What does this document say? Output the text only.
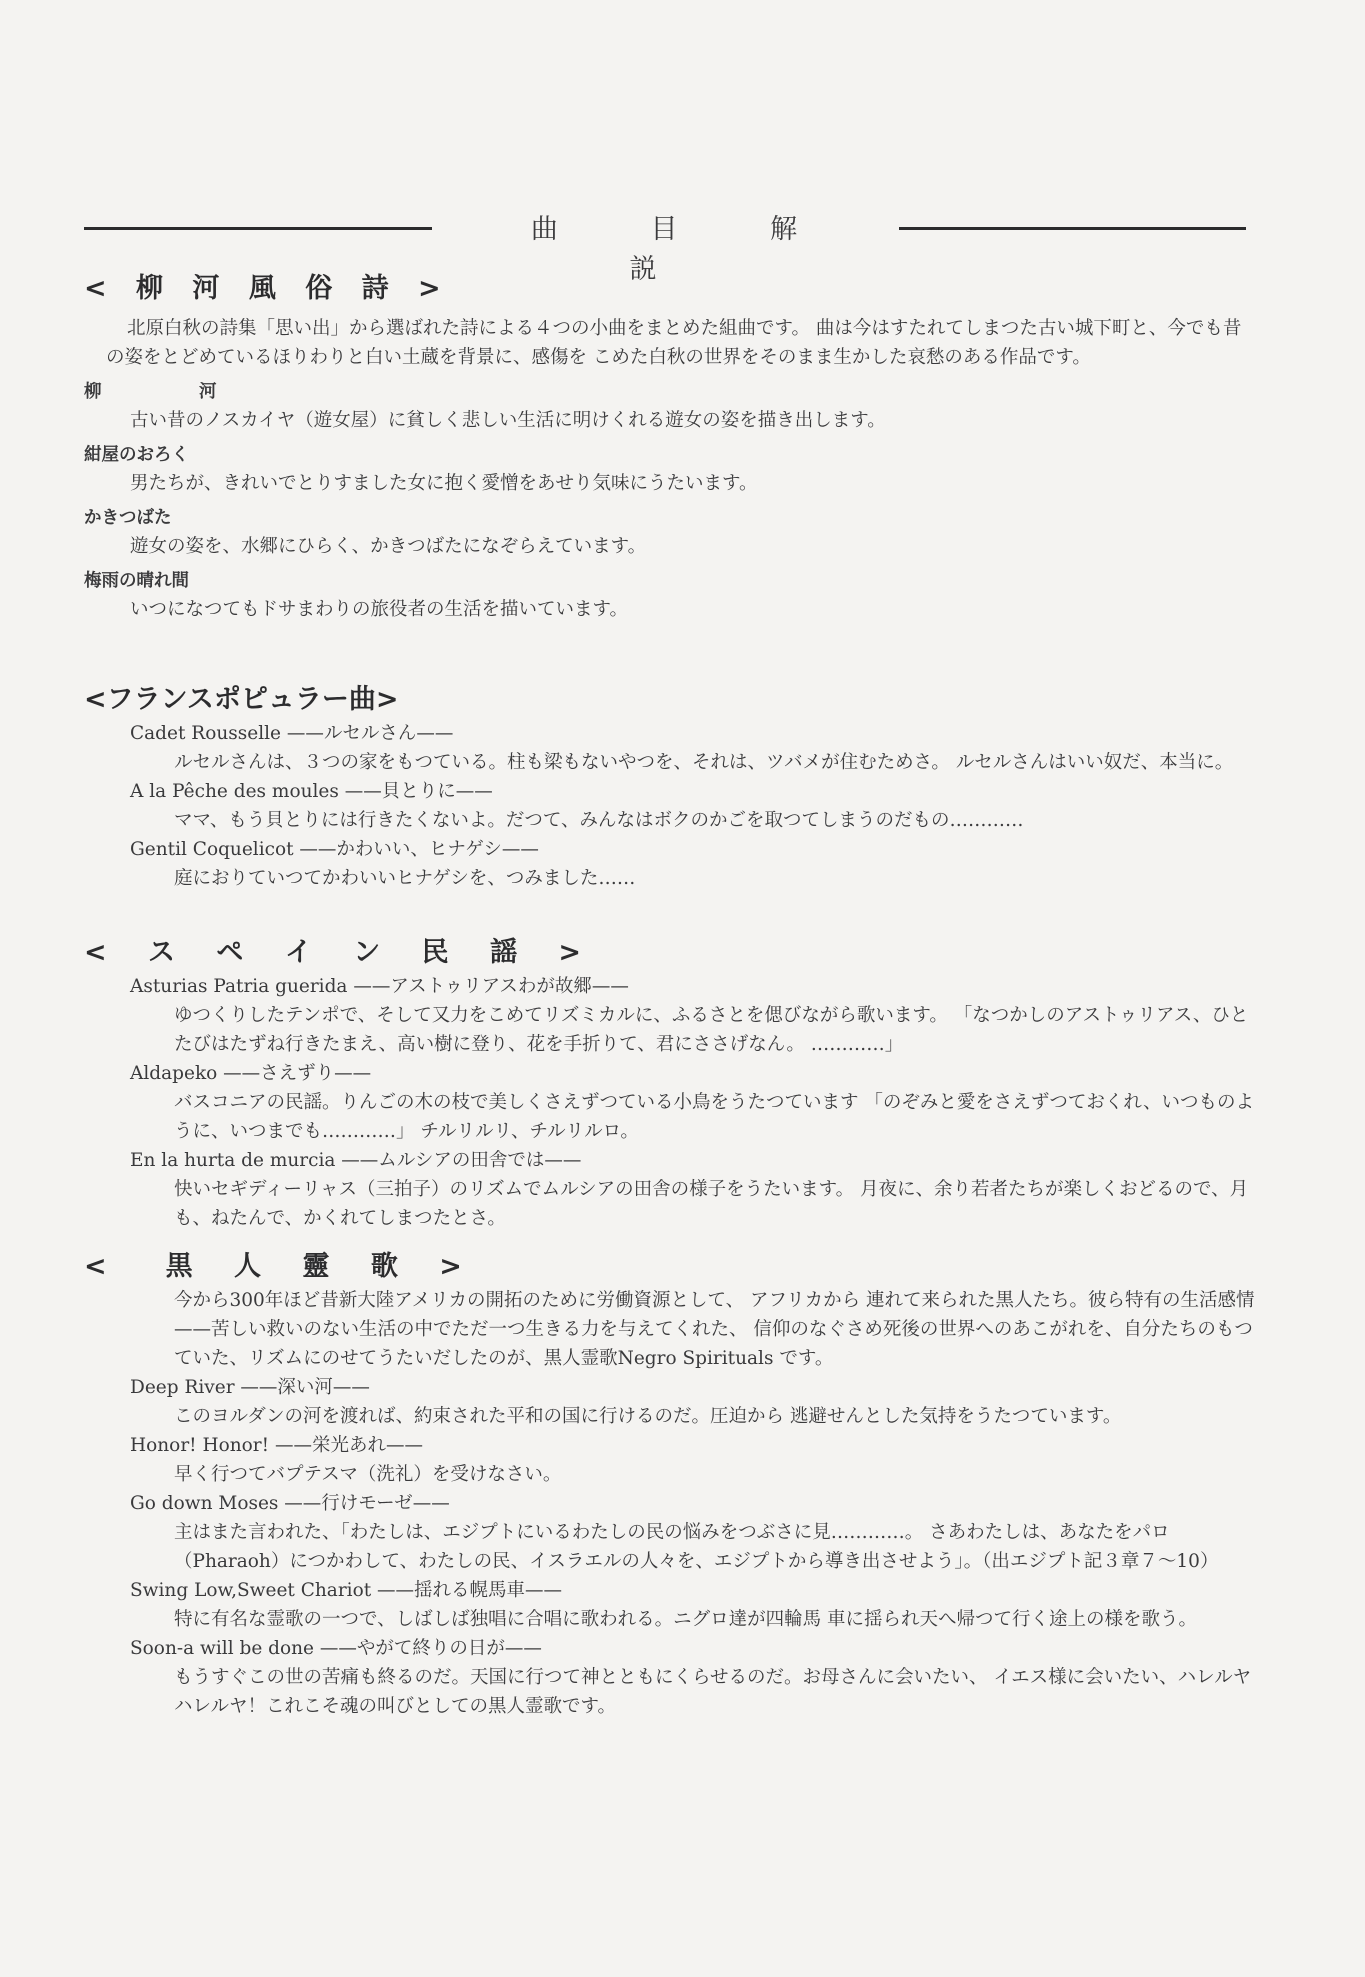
曲 目 解 説
< 柳 河 風 俗 詩 >

北原白秋の詩集「思い出」から選ばれた詩による４つの小曲をまとめた組曲です。 曲は今はすたれてしまつた古い城下町と、今でも昔の姿をとどめているほりわりと白い土蔵を背景に、感傷を こめた白秋の世界をそのまま生かした哀愁のある作品です。

柳　河

古い昔のノスカイヤ（遊女屋）に貧しく悲しい生活に明けくれる遊女の姿を描き出します。

紺屋のおろく

男たちが、きれいでとりすました女に抱く愛憎をあせり気味にうたいます。

かきつばた

遊女の姿を、水郷にひらく、かきつばたになぞらえています。

梅雨の晴れ間

いつになつてもドサまわりの旅役者の生活を描いています。

<フランスポピュラー曲>
Cadet Rousselle ——ルセルさん——

ルセルさんは、３つの家をもつている。柱も梁もないやつを、それは、ツバメが住むためさ。 ルセルさんはいい奴だ、本当に。

A la Pêche des moules ——貝とりに——

ママ、もう貝とりには行きたくないよ。だつて、みんなはボクのかごを取つてしまうのだもの…………

Gentil Coquelicot ——かわいい、ヒナゲシ——

庭におりていつてかわいいヒナゲシを、つみました……

< ス ペ イ ン 民 謡 >
Asturias Patria guerida ——アストゥリアスわが故郷——

ゆつくりしたテンポで、そして又力をこめてリズミカルに、ふるさとを偲びながら歌います。 「なつかしのアストゥリアス、ひとたびはたずね行きたまえ、高い樹に登り、花を手折りて、君にささげなん。 …………」

Aldapeko ——さえずり——

バスコニアの民謡。りんごの木の枝で美しくさえずつている小鳥をうたつています 「のぞみと愛をさえずつておくれ、いつものように、いつまでも…………」 チルリルリ、チルリルロ。

En la hurta de murcia ——ムルシアの田舎では——

快いセギディーリャス（三拍子）のリズムでムルシアの田舎の様子をうたいます。 月夜に、余り若者たちが楽しくおどるので、月も、ねたんで、かくれてしまつたとさ。

<　黒 人 靈 歌 >

今から300年ほど昔新大陸アメリカの開拓のために労働資源として、 アフリカから 連れて来られた黒人たち。彼ら特有の生活感情——苦しい救いのない生活の中でただ一つ生きる力を与えてくれた、 信仰のなぐさめ死後の世界へのあこがれを、自分たちのもつていた、リズムにのせてうたいだしたのが、黒人霊歌Negro Spirituals です。

Deep River ——深い河——

このヨルダンの河を渡れば、約束された平和の国に行けるのだ。圧迫から 逃避せんとした気持をうたつています。

Honor! Honor! ——栄光あれ——

早く行つてバプテスマ（洗礼）を受けなさい。

Go down Moses ——行けモーゼ——

主はまた言われた、「わたしは、エジプトにいるわたしの民の悩みをつぶさに見…………。 さあわたしは、あなたをパロ（Pharaoh）につかわして、わたしの民、イスラエルの人々を、エジプトから導き出させよう」。（出エジプト記３章７〜10）

Swing Low,Sweet Chariot ——揺れる幌馬車——

特に有名な霊歌の一つで、しばしば独唱に合唱に歌われる。ニグロ達が四輪馬 車に揺られ天へ帰つて行く途上の様を歌う。

Soon-a will be done ——やがて終りの日が——

もうすぐこの世の苦痛も終るのだ。天国に行つて神とともにくらせるのだ。お母さんに会いたい、 イエス様に会いたい、ハレルヤハレルヤ！これこそ魂の叫びとしての黒人霊歌です。
